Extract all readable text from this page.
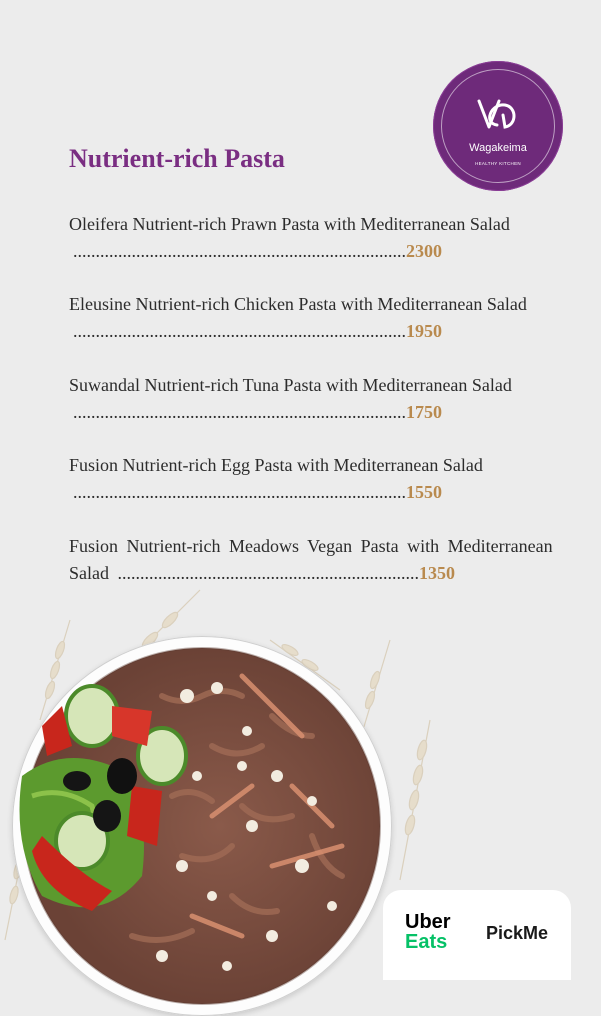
Wagakeima
HEALTHY KITCHEN
Nutrient-rich Pasta
Oleifera Nutrient-rich Prawn Pasta with Mediterranean Salad
..........................................................................2300
Eleusine Nutrient-rich Chicken Pasta with Mediterranean Salad
..........................................................................1950
Suwandal Nutrient-rich Tuna Pasta with Mediterranean Salad
..........................................................................1750
Fusion Nutrient-rich Egg Pasta with Mediterranean Salad
..........................................................................1550
Fusion Nutrient-rich Meadows Vegan Pasta with Mediterranean
Salad ...................................................................1350
Uber
Eats PickMe
